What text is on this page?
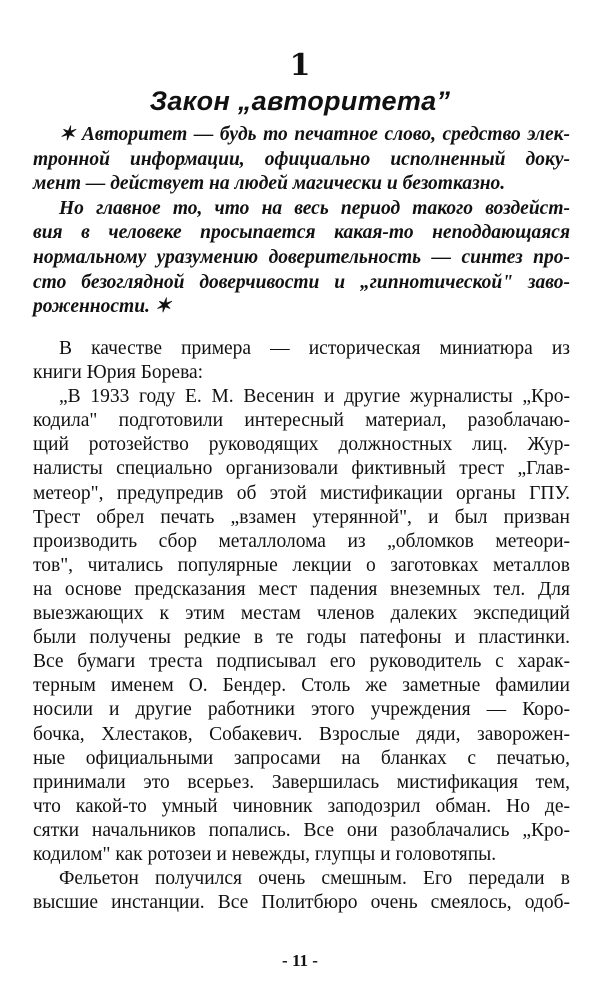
1
Закон „авторитета”
✶ Авторитет — будь то печатное слово, средство элек-
тронной информации, официально исполненный доку-
мент — действует на людей магически и безотказно.
Но главное то, что на весь период такого воздейст-
вия в человеке просыпается какая-то неподдающаяся
нормальному уразумению доверительность — синтез про-
сто безоглядной доверчивости и „гипнотической" заво-
роженности. ✶
В качестве примера — историческая миниатюра из
книги Юрия Борева:
„В 1933 году Е. М. Весенин и другие журналисты „Кро-
кодила" подготовили интересный материал, разоблачаю-
щий ротозейство руководящих должностных лиц. Жур-
налисты специально организовали фиктивный трест „Глав-
метеор", предупредив об этой мистификации органы ГПУ.
Трест обрел печать „взамен утерянной", и был призван
производить сбор металлолома из „обломков метеори-
тов", читались популярные лекции о заготовках металлов
на основе предсказания мест падения внеземных тел. Для
выезжающих к этим местам членов далеких экспедиций
были получены редкие в те годы патефоны и пластинки.
Все бумаги треста подписывал его руководитель с харак-
терным именем О. Бендер. Столь же заметные фамилии
носили и другие работники этого учреждения — Коро-
бочка, Хлестаков, Собакевич. Взрослые дяди, заворожен-
ные официальными запросами на бланках с печатью,
принимали это всерьез. Завершилась мистификация тем,
что какой-то умный чиновник заподозрил обман. Но де-
сятки начальников попались. Все они разоблачались „Кро-
кодилом" как ротозеи и невежды, глупцы и головотяпы.
Фельетон получился очень смешным. Его передали в
высшие инстанции. Все Политбюро очень смеялось, одоб-
- 11 -
